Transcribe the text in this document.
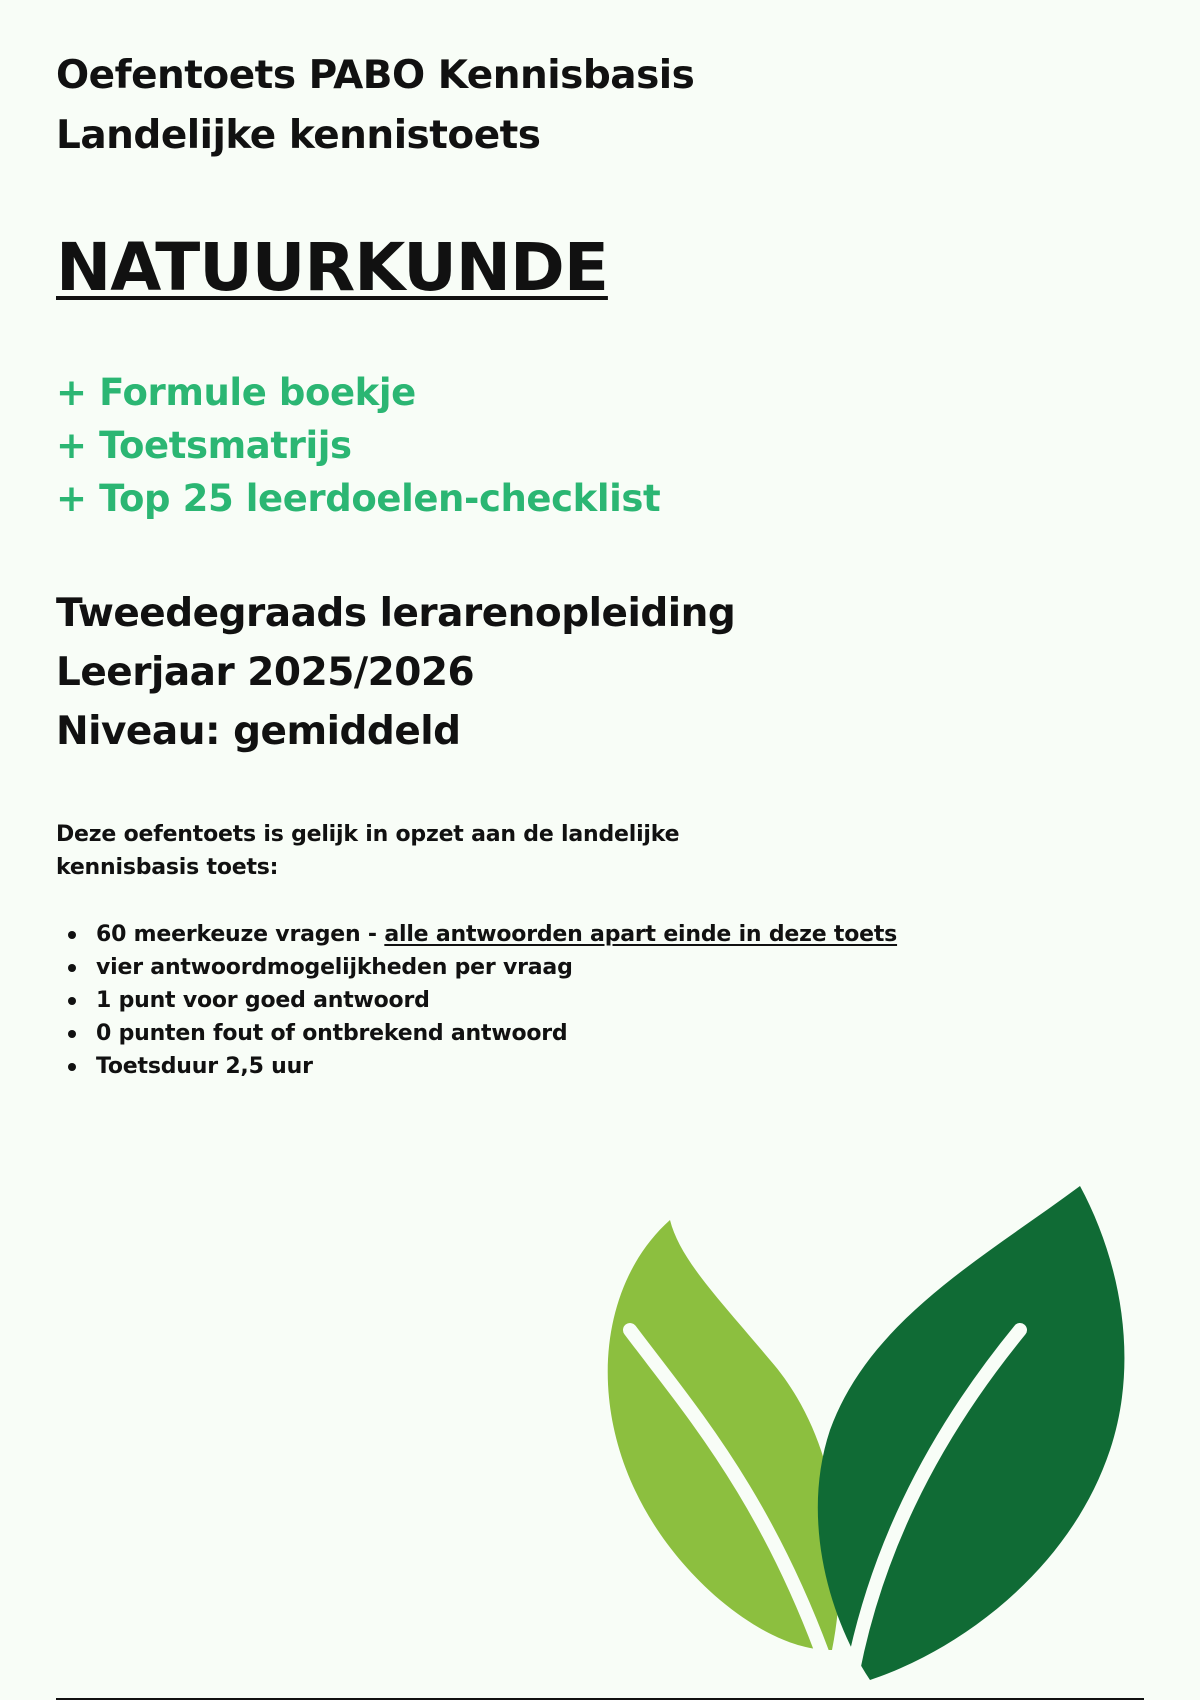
Oefentoets PABO Kennisbasis
Landelijke kennistoets
NATUURKUNDE
+ Formule boekje
+ Toetsmatrijs
+ Top 25 leerdoelen-checklist
Tweedegraads lerarenopleiding
Leerjaar 2025/2026
Niveau: gemiddeld

Deze oefentoets is gelijk in opzet aan de landelijke kennisbasis toets:

60 meerkeuze vragen - alle antwoorden apart einde in deze toets
vier antwoordmogelijkheden per vraag
1 punt voor goed antwoord
0 punten fout of ontbrekend antwoord
Toetsduur 2,5 uur
